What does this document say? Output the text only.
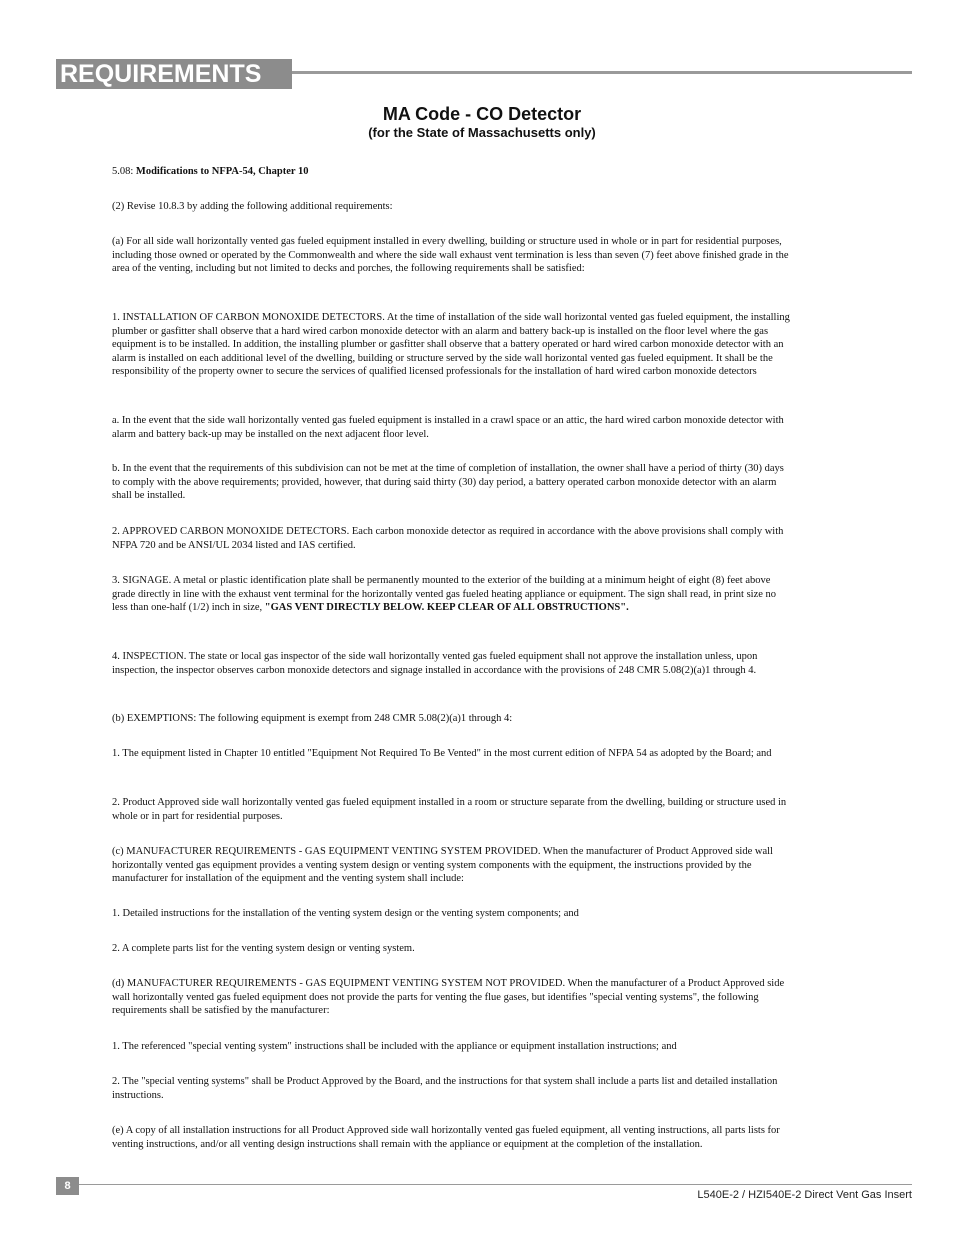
REQUIREMENTS
MA Code - CO Detector
(for the State of Massachusetts only)

5.08: Modifications to NFPA-54, Chapter 10

(2) Revise 10.8.3 by adding the following additional requirements:

(a) For all side wall horizontally vented gas fueled equipment installed in every dwelling, building or structure used in whole or in part for residential purposes, including those owned or operated by the Commonwealth and where the side wall exhaust vent termination is less than seven (7) feet above finished grade in the area of the venting, including but not limited to decks and porches, the following requirements shall be satisfied:

1. INSTALLATION OF CARBON MONOXIDE DETECTORS. At the time of installation of the side wall horizontal vented gas fueled equipment, the installing plumber or gasfitter shall observe that a hard wired carbon monoxide detector with an alarm and battery back-up is installed on the floor level where the gas equipment is to be installed. In addition, the installing plumber or gasfitter shall observe that a battery operated or hard wired carbon monoxide detector with an alarm is installed on each additional level of the dwelling, building or structure served by the side wall horizontal vented gas fueled equipment. It shall be the responsibility of the property owner to secure the services of qualified licensed professionals for the installation of hard wired carbon monoxide detectors

a. In the event that the side wall horizontally vented gas fueled equipment is installed in a crawl space or an attic, the hard wired carbon monoxide detector with alarm and battery back-up may be installed on the next adjacent floor level.

b. In the event that the requirements of this subdivision can not be met at the time of completion of installation, the owner shall have a period of thirty (30) days to comply with the above requirements; provided, however, that during said thirty (30) day period, a battery operated carbon monoxide detector with an alarm shall be installed.

2. APPROVED CARBON MONOXIDE DETECTORS. Each carbon monoxide detector as required in accordance with the above provisions shall comply with NFPA 720 and be ANSI/UL 2034 listed and IAS certified.

3. SIGNAGE. A metal or plastic identification plate shall be permanently mounted to the exterior of the building at a minimum height of eight (8) feet above grade directly in line with the exhaust vent terminal for the horizontally vented gas fueled heating appliance or equipment. The sign shall read, in print size no less than one-half (1/2) inch in size, "GAS VENT DIRECTLY BELOW. KEEP CLEAR OF ALL OBSTRUCTIONS".

4. INSPECTION. The state or local gas inspector of the side wall horizontally vented gas fueled equipment shall not approve the installation unless, upon inspection, the inspector observes carbon monoxide detectors and signage installed in accordance with the provisions of 248 CMR 5.08(2)(a)1 through 4.

(b) EXEMPTIONS: The following equipment is exempt from 248 CMR 5.08(2)(a)1 through 4:

1. The equipment listed in Chapter 10 entitled "Equipment Not Required To Be Vented" in the most current edition of NFPA 54 as adopted by the Board; and

2. Product Approved side wall horizontally vented gas fueled equipment installed in a room or structure separate from the dwelling, building or structure used in whole or in part for residential purposes.

(c) MANUFACTURER REQUIREMENTS - GAS EQUIPMENT VENTING SYSTEM PROVIDED. When the manufacturer of Product Approved side wall horizontally vented gas equipment provides a venting system design or venting system components with the equipment, the instructions provided by the manufacturer for installation of the equipment and the venting system shall include:

1. Detailed instructions for the installation of the venting system design or the venting system components; and

2. A complete parts list for the venting system design or venting system.

(d) MANUFACTURER REQUIREMENTS - GAS EQUIPMENT VENTING SYSTEM NOT PROVIDED. When the manufacturer of a Product Approved side wall horizontally vented gas fueled equipment does not provide the parts for venting the flue gases, but identifies "special venting systems", the following requirements shall be satisfied by the manufacturer:

1. The referenced "special venting system" instructions shall be included with the appliance or equipment installation instructions; and

2. The "special venting systems" shall be Product Approved by the Board, and the instructions for that system shall include a parts list and detailed installation instructions.

(e) A copy of all installation instructions for all Product Approved side wall horizontally vented gas fueled equipment, all venting instructions, all parts lists for venting instructions, and/or all venting design instructions shall remain with the appliance or equipment at the completion of the installation.

8
L540E-2 / HZI540E-2 Direct Vent Gas Insert
